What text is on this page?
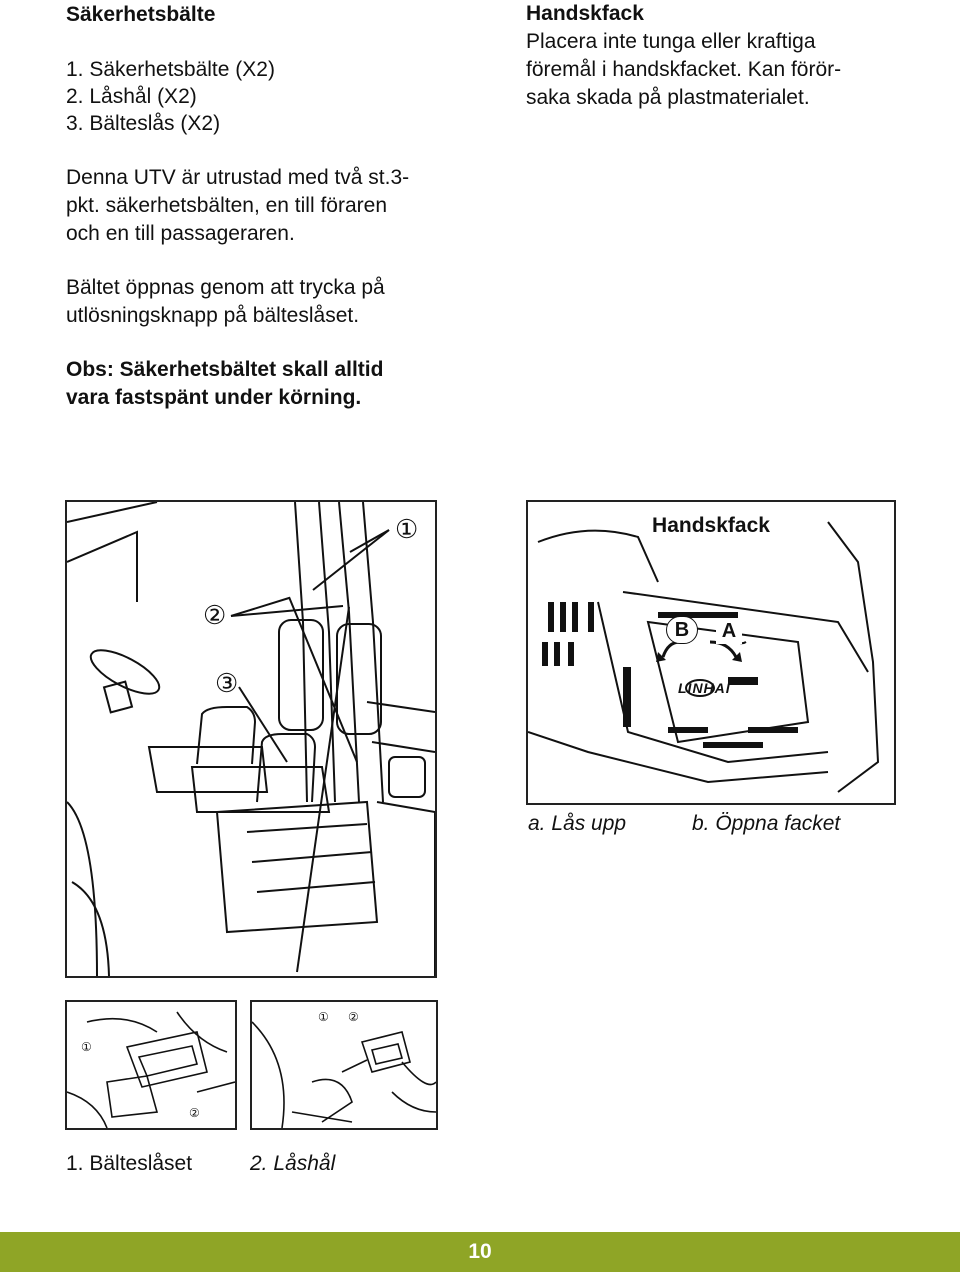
Säkerhetsbälte
1. Säkerhetsbälte (X2)
2. Låshål (X2)
3. Bälteslås (X2)
Denna UTV är utrustad med två st.3-
pkt. säkerhetsbälten, en till föraren
och en till passageraren.
Bältet öppnas genom att trycka på
utlösningsknapp på bälteslåset.
Obs: Säkerhetsbältet skall alltid
vara fastspänt under körning.
Handskfack
Placera inte tunga eller kraftiga
föremål i handskfacket. Kan förör-
saka skada på plastmaterialet.
①
②
③
Handskfack
B	A
LINHAI
a. Lås upp	b. Öppna facket
①
②
① ②
1. Bälteslåset	2. Låshål
10
